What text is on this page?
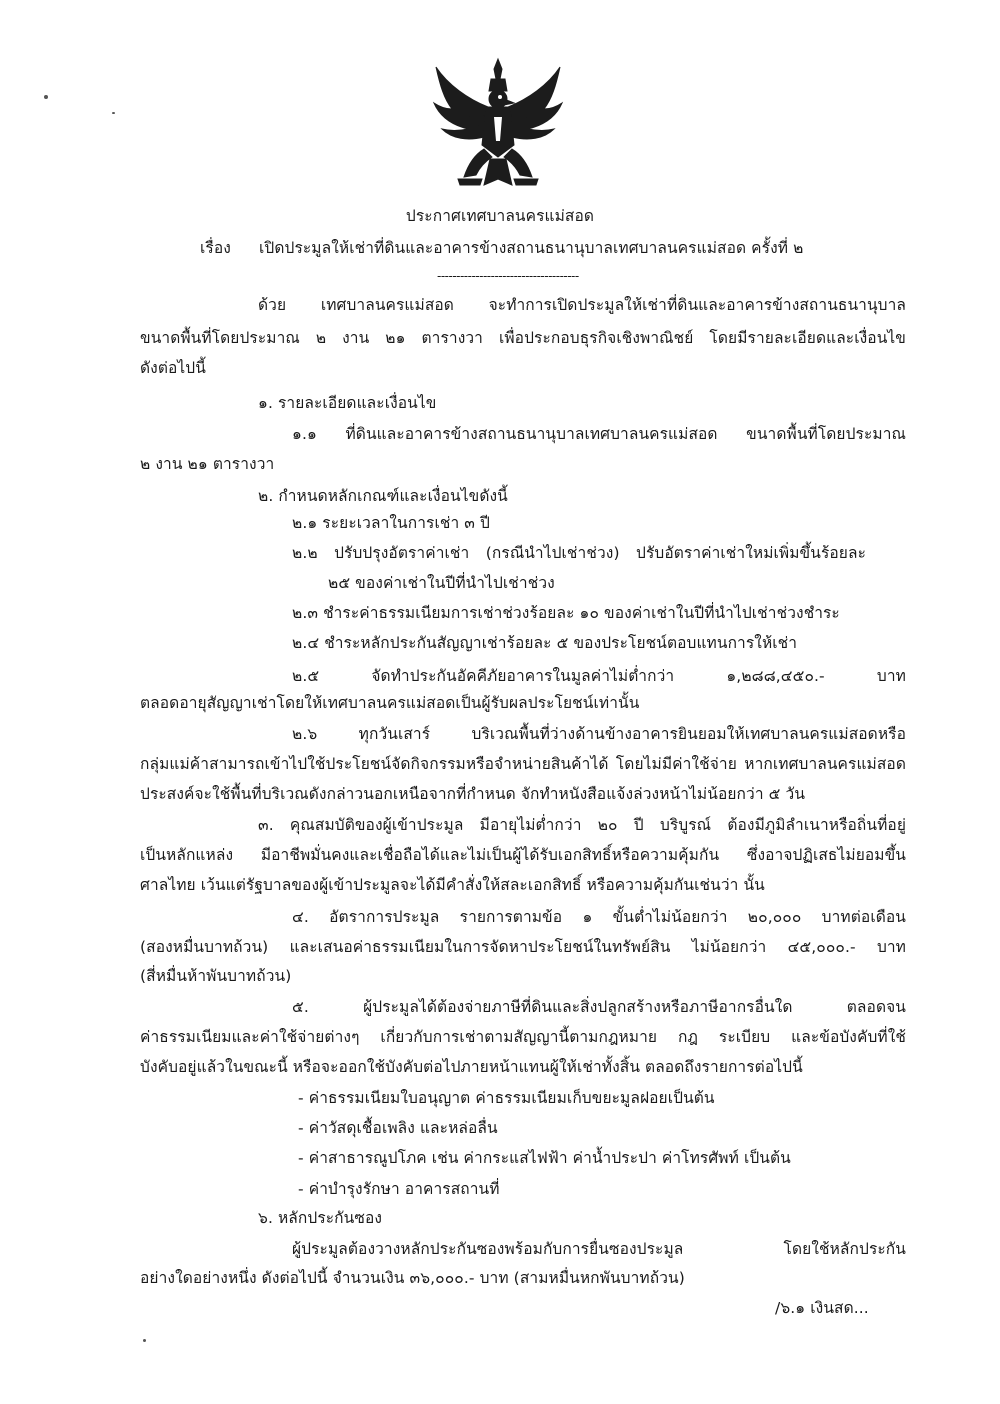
ประกาศเทศบาลนครแม่สอด
เรื่อง เปิดประมูลให้เช่าที่ดินและอาคารข้างสถานธนานุบาลเทศบาลนครแม่สอด ครั้งที่ ๒
-------------------------------------
ด้วย เทศบาลนครแม่สอด จะทำการเปิดประมูลให้เช่าที่ดินและอาคารข้างสถานธนานุบาล
ขนาดพื้นที่โดยประมาณ ๒ งาน ๒๑ ตารางวา เพื่อประกอบธุรกิจเชิงพาณิชย์ โดยมีรายละเอียดและเงื่อนไข
ดังต่อไปนี้
๑. รายละเอียดและเงื่อนไข
๑.๑ ที่ดินและอาคารข้างสถานธนานุบาลเทศบาลนครแม่สอด ขนาดพื้นที่โดยประมาณ
๒ งาน ๒๑ ตารางวา
๒. กำหนดหลักเกณฑ์และเงื่อนไขดังนี้
๒.๑ ระยะเวลาในการเช่า ๓ ปี
๒.๒ ปรับปรุงอัตราค่าเช่า (กรณีนำไปเช่าช่วง) ปรับอัตราค่าเช่าใหม่เพิ่มขึ้นร้อยละ
๒๕ ของค่าเช่าในปีที่นำไปเช่าช่วง
๒.๓ ชำระค่าธรรมเนียมการเช่าช่วงร้อยละ ๑๐ ของค่าเช่าในปีที่นำไปเช่าช่วงชำระ
๒.๔ ชำระหลักประกันสัญญาเช่าร้อยละ ๕ ของประโยชน์ตอบแทนการให้เช่า
๒.๕ จัดทำประกันอัคคีภัยอาคารในมูลค่าไม่ต่ำกว่า ๑,๒๘๘,๔๕๐.- บาท
ตลอดอายุสัญญาเช่าโดยให้เทศบาลนครแม่สอดเป็นผู้รับผลประโยชน์เท่านั้น
๒.๖ ทุกวันเสาร์ บริเวณพื้นที่ว่างด้านข้างอาคารยินยอมให้เทศบาลนครแม่สอดหรือ
กลุ่มแม่ค้าสามารถเข้าไปใช้ประโยชน์จัดกิจกรรมหรือจำหน่ายสินค้าได้ โดยไม่มีค่าใช้จ่าย หากเทศบาลนครแม่สอด
ประสงค์จะใช้พื้นที่บริเวณดังกล่าวนอกเหนือจากที่กำหนด จักทำหนังสือแจ้งล่วงหน้าไม่น้อยกว่า ๕ วัน
๓. คุณสมบัติของผู้เข้าประมูล มีอายุไม่ต่ำกว่า ๒๐ ปี บริบูรณ์ ต้องมีภูมิลำเนาหรือถิ่นที่อยู่
เป็นหลักแหล่ง มีอาชีพมั่นคงและเชื่อถือได้และไม่เป็นผู้ได้รับเอกสิทธิ์หรือความคุ้มกัน ซึ่งอาจปฏิเสธไม่ยอมขึ้น
ศาลไทย เว้นแต่รัฐบาลของผู้เข้าประมูลจะได้มีคำสั่งให้สละเอกสิทธิ์ หรือความคุ้มกันเช่นว่า นั้น
๔. อัตราการประมูล รายการตามข้อ ๑ ขั้นต่ำไม่น้อยกว่า ๒๐,๐๐๐ บาทต่อเดือน
(สองหมื่นบาทถ้วน) และเสนอค่าธรรมเนียมในการจัดหาประโยชน์ในทรัพย์สิน ไม่น้อยกว่า ๔๕,๐๐๐.- บาท
(สี่หมื่นห้าพันบาทถ้วน)
๕. ผู้ประมูลได้ต้องจ่ายภาษีที่ดินและสิ่งปลูกสร้างหรือภาษีอากรอื่นใด ตลอดจน
ค่าธรรมเนียมและค่าใช้จ่ายต่างๆ เกี่ยวกับการเช่าตามสัญญานี้ตามกฎหมาย กฎ ระเบียบ และข้อบังคับที่ใช้
บังคับอยู่แล้วในขณะนี้ หรือจะออกใช้บังคับต่อไปภายหน้าแทนผู้ให้เช่าทั้งสิ้น ตลอดถึงรายการต่อไปนี้
- ค่าธรรมเนียมใบอนุญาต ค่าธรรมเนียมเก็บขยะมูลฝอยเป็นต้น
- ค่าวัสดุเชื้อเพลิง และหล่อลื่น
- ค่าสาธารณูปโภค เช่น ค่ากระแสไฟฟ้า ค่าน้ำประปา ค่าโทรศัพท์ เป็นต้น
- ค่าบำรุงรักษา อาคารสถานที่
๖. หลักประกันซอง
ผู้ประมูลต้องวางหลักประกันซองพร้อมกับการยื่นซองประมูล โดยใช้หลักประกัน
อย่างใดอย่างหนึ่ง ดังต่อไปนี้ จำนวนเงิน ๓๖,๐๐๐.- บาท (สามหมื่นหกพันบาทถ้วน)
/๖.๑ เงินสด...
